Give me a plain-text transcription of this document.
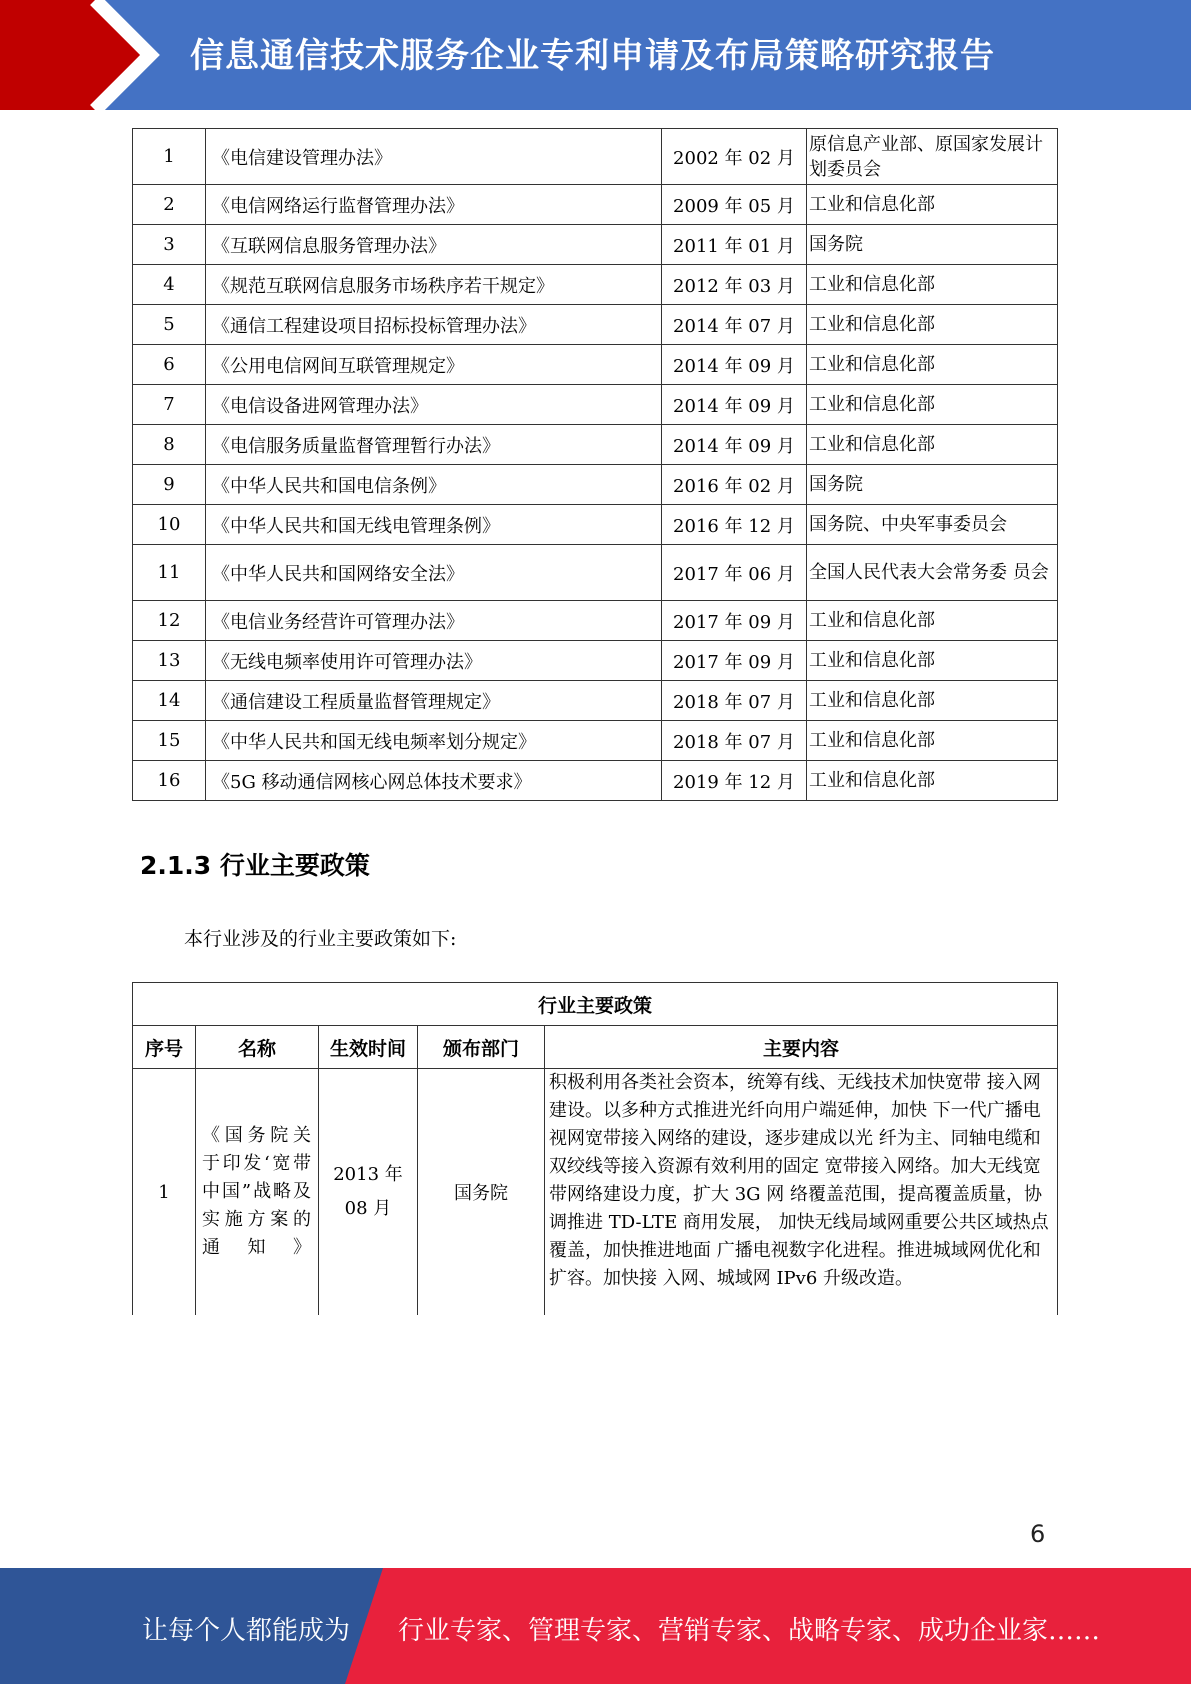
信息通信技术服务企业专利申请及布局策略研究报告
1	《电信建设管理办法》	2002 年 02 月	原信息产业部、原国家发展计划委员会
2	《电信网络运行监督管理办法》	2009 年 05 月	工业和信息化部
3	《互联网信息服务管理办法》	2011 年 01 月	国务院
4	《规范互联网信息服务市场秩序若干规定》	2012 年 03 月	工业和信息化部
5	《通信工程建设项目招标投标管理办法》	2014 年 07 月	工业和信息化部
6	《公用电信网间互联管理规定》	2014 年 09 月	工业和信息化部
7	《电信设备进网管理办法》	2014 年 09 月	工业和信息化部
8	《电信服务质量监督管理暂行办法》	2014 年 09 月	工业和信息化部
9	《中华人民共和国电信条例》	2016 年 02 月	国务院
10	《中华人民共和国无线电管理条例》	2016 年 12 月	国务院、中央军事委员会
11	《中华人民共和国网络安全法》	2017 年 06 月	全国人民代表大会常务委 员会
12	《电信业务经营许可管理办法》	2017 年 09 月	工业和信息化部
13	《无线电频率使用许可管理办法》	2017 年 09 月	工业和信息化部
14	《通信建设工程质量监督管理规定》	2018 年 07 月	工业和信息化部
15	《中华人民共和国无线电频率划分规定》	2018 年 07 月	工业和信息化部
16	《5G 移动通信网核心网总体技术要求》	2019 年 12 月	工业和信息化部
2.1.3 行业主要政策
本行业涉及的行业主要政策如下:
行业主要政策				
序号	名称	生效时间	颁布部门	主要内容
1	《国务院关于印发‘宽带中国”战略及实施方案的通知》	2013 年 08 月	国务院	积极利用各类社会资本，统筹有线、无线技术加快宽带 接入网建设。以多种方式推进光纤向用户端延伸，加快 下一代广播电视网宽带接入网络的建设，逐步建成以光 纤为主、同轴电缆和双绞线等接入资源有效利用的固定 宽带接入网络。加大无线宽带网络建设力度，扩大 3G 网 络覆盖范围，提高覆盖质量，协调推进 TD-LTE 商用发展， 加快无线局域网重要公共区域热点覆盖，加快推进地面 广播电视数字化进程。推进城域网优化和扩容。加快接 入网、城域网 IPv6 升级改造。
6
让每个人都能成为 行业专家、管理专家、营销专家、战略专家、成功企业家……
